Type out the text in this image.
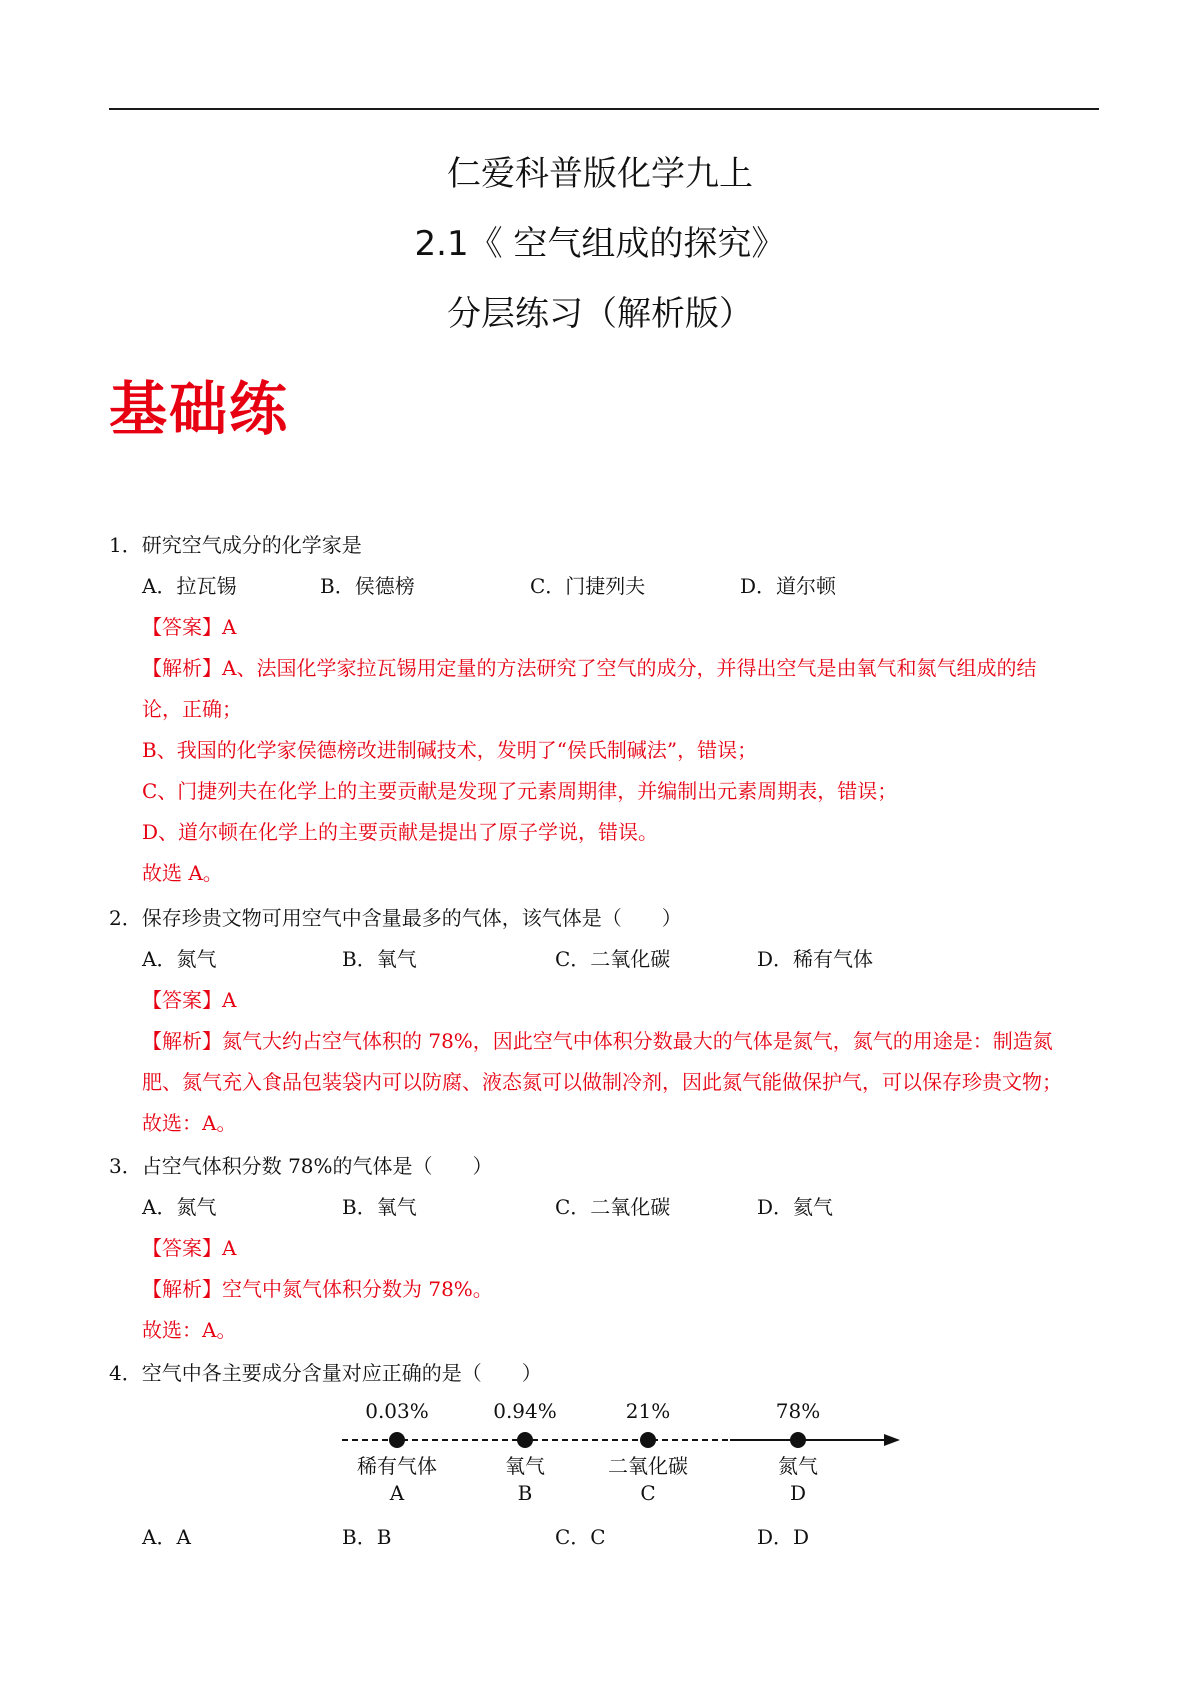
仁爱科普版化学九上
2.1《 空气组成的探究》
分层练习（解析版）
基础练
1．研究空气成分的化学家是
A．拉瓦锡	B．侯德榜	C．门捷列夫	D．道尔顿
【答案】A
【解析】A、法国化学家拉瓦锡用定量的方法研究了空气的成分，并得出空气是由氧气和氮气组成的结
论，正确；
B、我国的化学家侯德榜改进制碱技术，发明了“侯氏制碱法”，错误；
C、门捷列夫在化学上的主要贡献是发现了元素周期律，并编制出元素周期表，错误；
D、道尔顿在化学上的主要贡献是提出了原子学说，错误。
故选 A。
2．保存珍贵文物可用空气中含量最多的气体，该气体是（　　）
A．氮气	B．氧气	C．二氧化碳	D．稀有气体
【答案】A
【解析】氮气大约占空气体积的 78%，因此空气中体积分数最大的气体是氮气，氮气的用途是：制造氮
肥、氮气充入食品包装袋内可以防腐、液态氮可以做制冷剂，因此氮气能做保护气，可以保存珍贵文物；
故选：A。
3．占空气体积分数 78%的气体是（　　）
A．氮气	B．氧气	C．二氧化碳	D．氦气
【答案】A
【解析】空气中氮气体积分数为 78%。
故选：A。
4．空气中各主要成分含量对应正确的是（　　）
0.03%
稀有气体
A
0.94%
氧气
B
21%
二氧化碳
C
78%
氮气
D
A．A	B．B	C．C	D．D
